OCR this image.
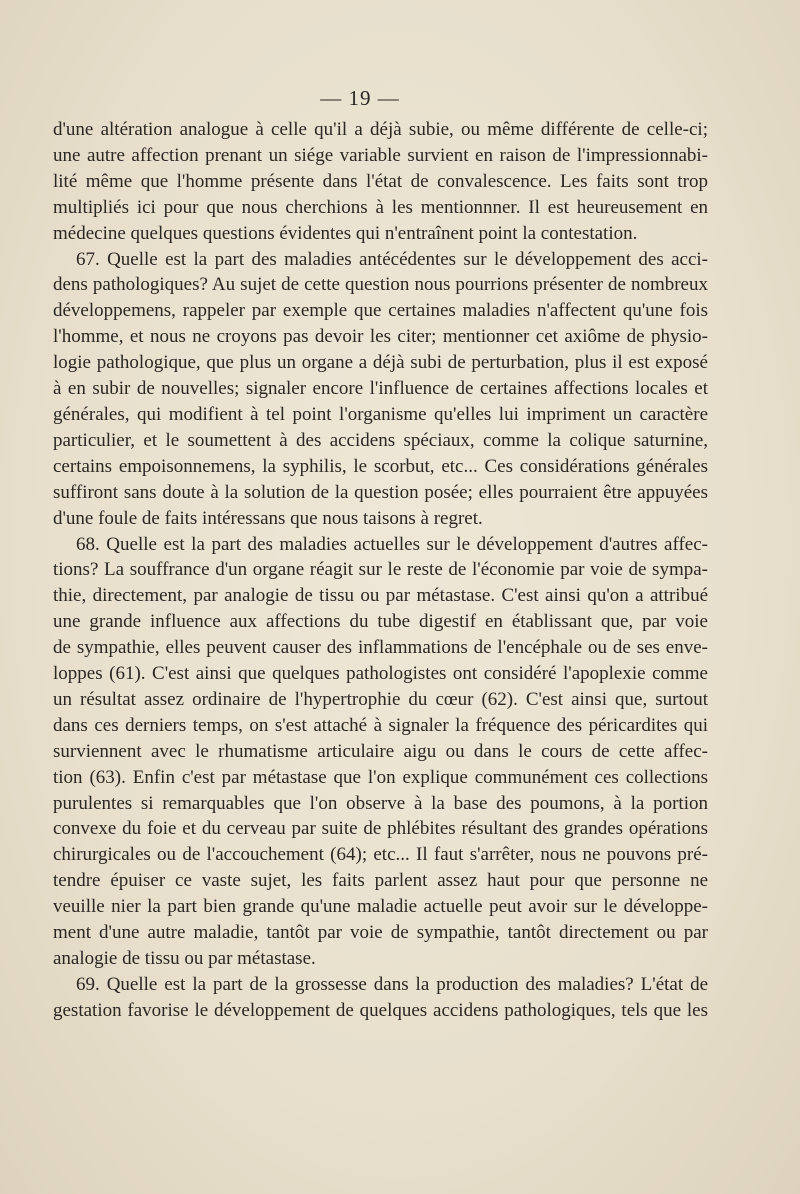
— 19 —

d'une altération analogue à celle qu'il a déjà subie, ou même différente de celle-ci;

une autre affection prenant un siége variable survient en raison de l'impressionnabi-

lité même que l'homme présente dans l'état de convalescence. Les faits sont trop

multipliés ici pour que nous cherchions à les mentionnner. Il est heureusement en

médecine quelques questions évidentes qui n'entraînent point la contestation.

67. Quelle est la part des maladies antécédentes sur le développement des acci-

dens pathologiques? Au sujet de cette question nous pourrions présenter de nombreux

développemens, rappeler par exemple que certaines maladies n'affectent qu'une fois

l'homme, et nous ne croyons pas devoir les citer; mentionner cet axiôme de physio-

logie pathologique, que plus un organe a déjà subi de perturbation, plus il est exposé

à en subir de nouvelles; signaler encore l'influence de certaines affections locales et

générales, qui modifient à tel point l'organisme qu'elles lui impriment un caractère

particulier, et le soumettent à des accidens spéciaux, comme la colique saturnine,

certains empoisonnemens, la syphilis, le scorbut, etc... Ces considérations générales

suffiront sans doute à la solution de la question posée; elles pourraient être appuyées

d'une foule de faits intéressans que nous taisons à regret.

68. Quelle est la part des maladies actuelles sur le développement d'autres affec-

tions? La souffrance d'un organe réagit sur le reste de l'économie par voie de sympa-

thie, directement, par analogie de tissu ou par métastase. C'est ainsi qu'on a attribué

une grande influence aux affections du tube digestif en établissant que, par voie

de sympathie, elles peuvent causer des inflammations de l'encéphale ou de ses enve-

loppes (61). C'est ainsi que quelques pathologistes ont considéré l'apoplexie comme

un résultat assez ordinaire de l'hypertrophie du cœur (62). C'est ainsi que, surtout

dans ces derniers temps, on s'est attaché à signaler la fréquence des péricardites qui

surviennent avec le rhumatisme articulaire aigu ou dans le cours de cette affec-

tion (63). Enfin c'est par métastase que l'on explique communément ces collections

purulentes si remarquables que l'on observe à la base des poumons, à la portion

convexe du foie et du cerveau par suite de phlébites résultant des grandes opérations

chirurgicales ou de l'accouchement (64); etc... Il faut s'arrêter, nous ne pouvons pré-

tendre épuiser ce vaste sujet, les faits parlent assez haut pour que personne ne

veuille nier la part bien grande qu'une maladie actuelle peut avoir sur le développe-

ment d'une autre maladie, tantôt par voie de sympathie, tantôt directement ou par

analogie de tissu ou par métastase.

69. Quelle est la part de la grossesse dans la production des maladies? L'état de

gestation favorise le développement de quelques accidens pathologiques, tels que les
